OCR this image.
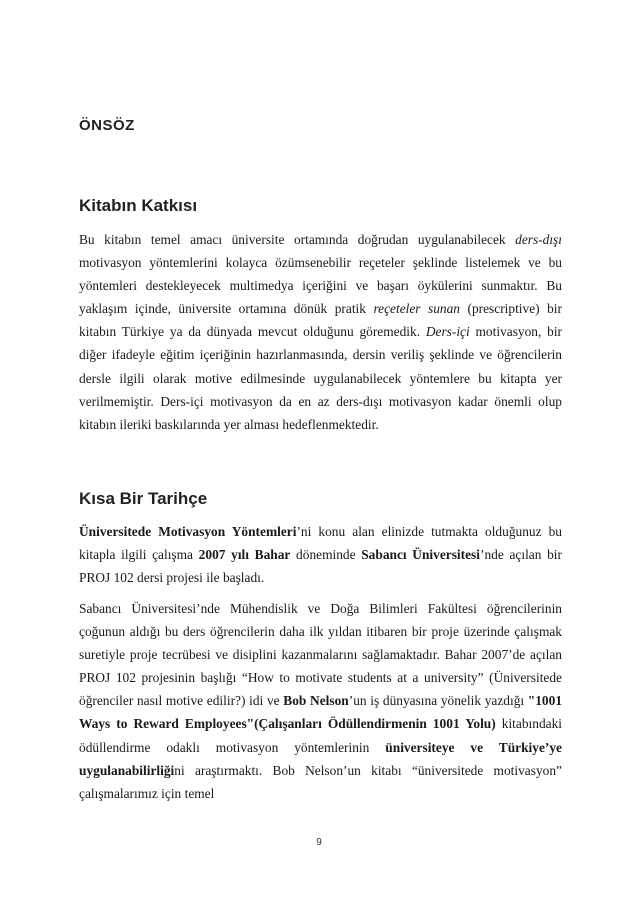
ÖNSÖZ
Kitabın Katkısı

Bu kitabın temel amacı üniversite ortamında doğrudan uygulanabilecek ders-dışı motivasyon yöntemlerini kolayca özümsenebilir reçeteler şeklinde listelemek ve bu yöntemleri destekleyecek multimedya içeriğini ve başarı öykülerini sunmaktır. Bu yaklaşım içinde, üniversite ortamına dönük pratik reçeteler sunan (prescriptive) bir kitabın Türkiye ya da dünyada mevcut olduğunu göremedik. Ders-içi motivasyon, bir diğer ifadeyle eğitim içeriğinin hazırlanmasında, dersin veriliş şeklinde ve öğrencilerin dersle ilgili olarak motive edilmesinde uygulanabilecek yöntemlere bu kitapta yer verilmemiştir. Ders-içi motivasyon da en az ders-dışı motivasyon kadar önemli olup kitabın ileriki baskılarında yer alması hedeflenmektedir.

Kısa Bir Tarihçe

Üniversitede Motivasyon Yöntemleri’ni konu alan elinizde tutmakta olduğunuz bu kitapla ilgili çalışma 2007 yılı Bahar döneminde Sabancı Üniversitesi’nde açılan bir PROJ 102 dersi projesi ile başladı.

Sabancı Üniversitesi’nde Mühendislik ve Doğa Bilimleri Fakültesi öğrencilerinin çoğunun aldığı bu ders öğrencilerin daha ilk yıldan itibaren bir proje üzerinde çalışmak suretiyle proje tecrübesi ve disiplini kazanmalarını sağlamaktadır. Bahar 2007’de açılan PROJ 102 projesinin başlığı “How to motivate students at a university” (Üniversitede öğrenciler nasıl motive edilir?) idi ve Bob Nelson’un iş dünyasına yönelik yazdığı "1001 Ways to Reward Employees"(Çalışanları Ödüllendirmenin 1001 Yolu) kitabındaki ödüllendirme odaklı motivasyon yöntemlerinin üniversiteye ve Türkiye’ye uygulanabilirliğini araştırmaktı. Bob Nelson’un kitabı “üniversitede motivasyon” çalışmalarımız için temel

9
